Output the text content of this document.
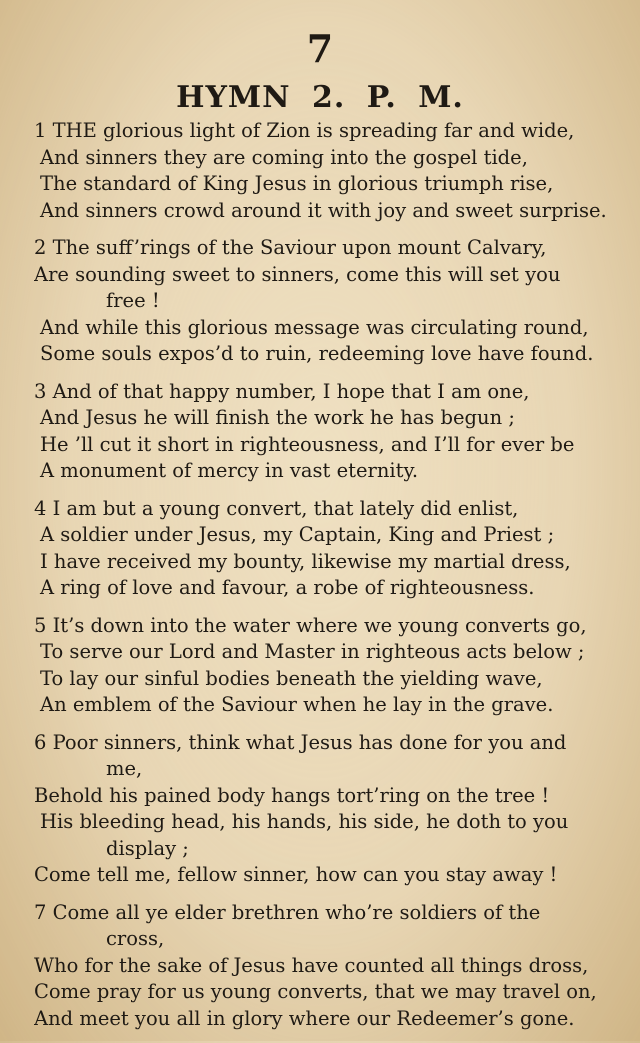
7
HYMN 2. P. M.
1 THE glorious light of Zion is spreading far and wide,
And sinners they are coming into the gospel tide,
The standard of King Jesus in glorious triumph rise,
And sinners crowd around it with joy and sweet surprise.
2 The suff’rings of the Saviour upon mount Calvary,
Are sounding sweet to sinners, come this will set you
free !
And while this glorious message was circulating round,
Some souls expos’d to ruin, redeeming love have found.
3 And of that happy number, I hope that I am one,
And Jesus he will finish the work he has begun ;
He ’ll cut it short in righteousness, and I’ll for ever be
A monument of mercy in vast eternity.
4 I am but a young convert, that lately did enlist,
A soldier under Jesus, my Captain, King and Priest ;
I have received my bounty, likewise my martial dress,
A ring of love and favour, a robe of righteousness.
5 It’s down into the water where we young converts go,
To serve our Lord and Master in righteous acts below ;
To lay our sinful bodies beneath the yielding wave,
An emblem of the Saviour when he lay in the grave.
6 Poor sinners, think what Jesus has done for you and
me,
Behold his pained body hangs tort’ring on the tree !
His bleeding head, his hands, his side, he doth to you
display ;
Come tell me, fellow sinner, how can you stay away !
7 Come all ye elder brethren who’re soldiers of the
cross,
Who for the sake of Jesus have counted all things dross,
Come pray for us young converts, that we may travel on,
And meet you all in glory where our Redeemer’s gone.
